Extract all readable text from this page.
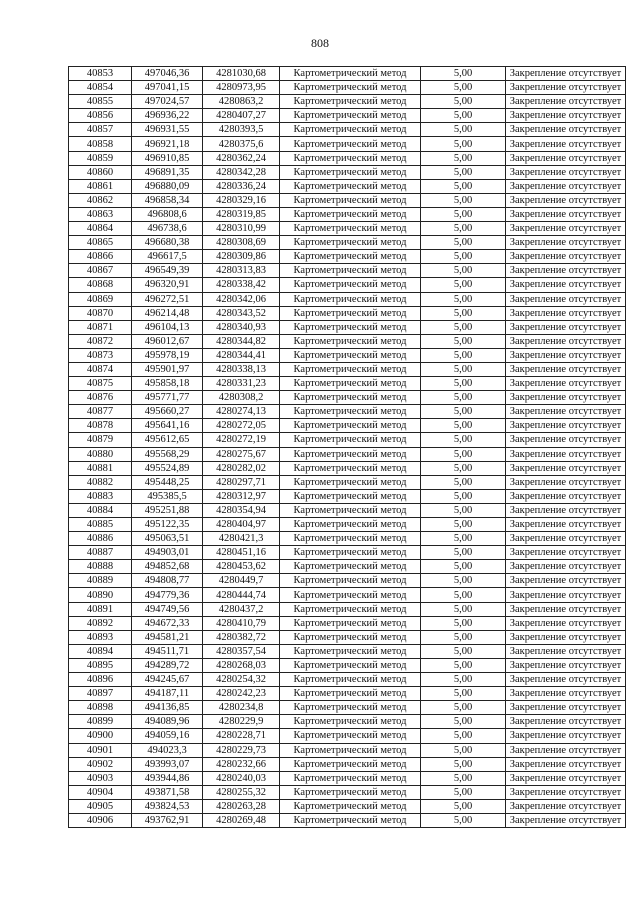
808
40853	497046,36	4281030,68	Картометрический метод	5,00	Закрепление отсутствует
40854	497041,15	4280973,95	Картометрический метод	5,00	Закрепление отсутствует
40855	497024,57	4280863,2	Картометрический метод	5,00	Закрепление отсутствует
40856	496936,22	4280407,27	Картометрический метод	5,00	Закрепление отсутствует
40857	496931,55	4280393,5	Картометрический метод	5,00	Закрепление отсутствует
40858	496921,18	4280375,6	Картометрический метод	5,00	Закрепление отсутствует
40859	496910,85	4280362,24	Картометрический метод	5,00	Закрепление отсутствует
40860	496891,35	4280342,28	Картометрический метод	5,00	Закрепление отсутствует
40861	496880,09	4280336,24	Картометрический метод	5,00	Закрепление отсутствует
40862	496858,34	4280329,16	Картометрический метод	5,00	Закрепление отсутствует
40863	496808,6	4280319,85	Картометрический метод	5,00	Закрепление отсутствует
40864	496738,6	4280310,99	Картометрический метод	5,00	Закрепление отсутствует
40865	496680,38	4280308,69	Картометрический метод	5,00	Закрепление отсутствует
40866	496617,5	4280309,86	Картометрический метод	5,00	Закрепление отсутствует
40867	496549,39	4280313,83	Картометрический метод	5,00	Закрепление отсутствует
40868	496320,91	4280338,42	Картометрический метод	5,00	Закрепление отсутствует
40869	496272,51	4280342,06	Картометрический метод	5,00	Закрепление отсутствует
40870	496214,48	4280343,52	Картометрический метод	5,00	Закрепление отсутствует
40871	496104,13	4280340,93	Картометрический метод	5,00	Закрепление отсутствует
40872	496012,67	4280344,82	Картометрический метод	5,00	Закрепление отсутствует
40873	495978,19	4280344,41	Картометрический метод	5,00	Закрепление отсутствует
40874	495901,97	4280338,13	Картометрический метод	5,00	Закрепление отсутствует
40875	495858,18	4280331,23	Картометрический метод	5,00	Закрепление отсутствует
40876	495771,77	4280308,2	Картометрический метод	5,00	Закрепление отсутствует
40877	495660,27	4280274,13	Картометрический метод	5,00	Закрепление отсутствует
40878	495641,16	4280272,05	Картометрический метод	5,00	Закрепление отсутствует
40879	495612,65	4280272,19	Картометрический метод	5,00	Закрепление отсутствует
40880	495568,29	4280275,67	Картометрический метод	5,00	Закрепление отсутствует
40881	495524,89	4280282,02	Картометрический метод	5,00	Закрепление отсутствует
40882	495448,25	4280297,71	Картометрический метод	5,00	Закрепление отсутствует
40883	495385,5	4280312,97	Картометрический метод	5,00	Закрепление отсутствует
40884	495251,88	4280354,94	Картометрический метод	5,00	Закрепление отсутствует
40885	495122,35	4280404,97	Картометрический метод	5,00	Закрепление отсутствует
40886	495063,51	4280421,3	Картометрический метод	5,00	Закрепление отсутствует
40887	494903,01	4280451,16	Картометрический метод	5,00	Закрепление отсутствует
40888	494852,68	4280453,62	Картометрический метод	5,00	Закрепление отсутствует
40889	494808,77	4280449,7	Картометрический метод	5,00	Закрепление отсутствует
40890	494779,36	4280444,74	Картометрический метод	5,00	Закрепление отсутствует
40891	494749,56	4280437,2	Картометрический метод	5,00	Закрепление отсутствует
40892	494672,33	4280410,79	Картометрический метод	5,00	Закрепление отсутствует
40893	494581,21	4280382,72	Картометрический метод	5,00	Закрепление отсутствует
40894	494511,71	4280357,54	Картометрический метод	5,00	Закрепление отсутствует
40895	494289,72	4280268,03	Картометрический метод	5,00	Закрепление отсутствует
40896	494245,67	4280254,32	Картометрический метод	5,00	Закрепление отсутствует
40897	494187,11	4280242,23	Картометрический метод	5,00	Закрепление отсутствует
40898	494136,85	4280234,8	Картометрический метод	5,00	Закрепление отсутствует
40899	494089,96	4280229,9	Картометрический метод	5,00	Закрепление отсутствует
40900	494059,16	4280228,71	Картометрический метод	5,00	Закрепление отсутствует
40901	494023,3	4280229,73	Картометрический метод	5,00	Закрепление отсутствует
40902	493993,07	4280232,66	Картометрический метод	5,00	Закрепление отсутствует
40903	493944,86	4280240,03	Картометрический метод	5,00	Закрепление отсутствует
40904	493871,58	4280255,32	Картометрический метод	5,00	Закрепление отсутствует
40905	493824,53	4280263,28	Картометрический метод	5,00	Закрепление отсутствует
40906	493762,91	4280269,48	Картометрический метод	5,00	Закрепление отсутствует
